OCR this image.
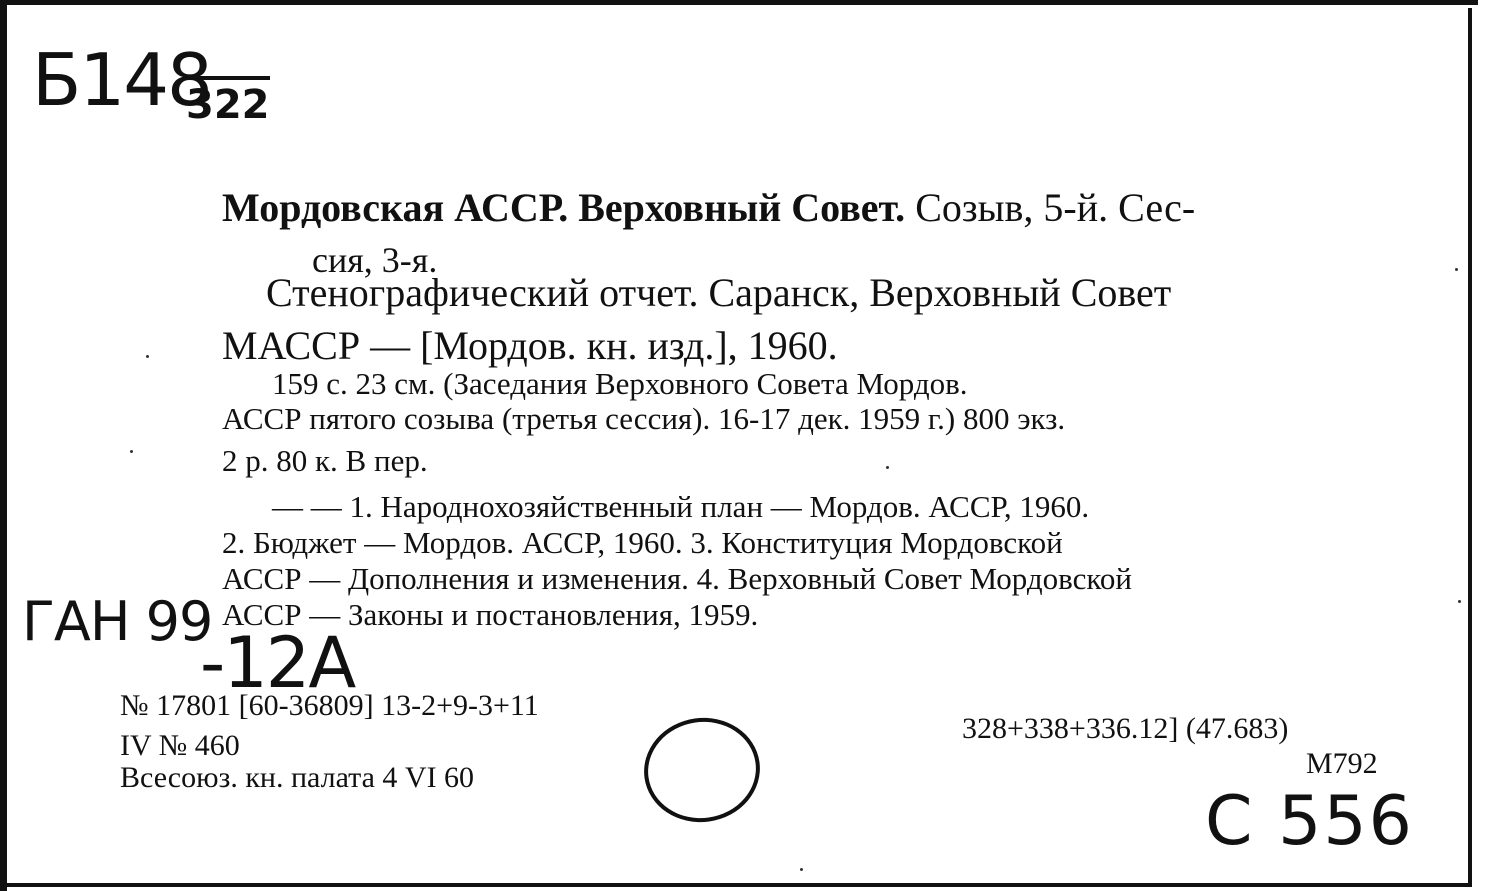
Б148
322

Мордовская АССР. Верховный Совет. Созыв, 5-й. Сес-

сия, 3-я.

Стенографический отчет. Саранск, Верховный Совет

МАССР — [Мордов. кн. изд.], 1960.

159 с. 23 см. (Заседания Верховного Совета Мордов.

АССР пятого созыва (третья сессия). 16-17 дек. 1959 г.) 800 экз.

2 р. 80 к. В пер.

— — 1. Народнохозяйственный план — Мордов. АССР, 1960.

2. Бюджет — Мордов. АССР, 1960. 3. Конституция Мордовской

АССР — Дополнения и изменения. 4. Верховный Совет Мордовской

АССР — Законы и постановления, 1959.

ГАН 99
-12А

№ 17801 [60-36809] 13-2+9-3+11

IV № 460

Всесоюз. кн. палата 4 VI 60

328+338+336.12] (47.683)

М792

С 556
